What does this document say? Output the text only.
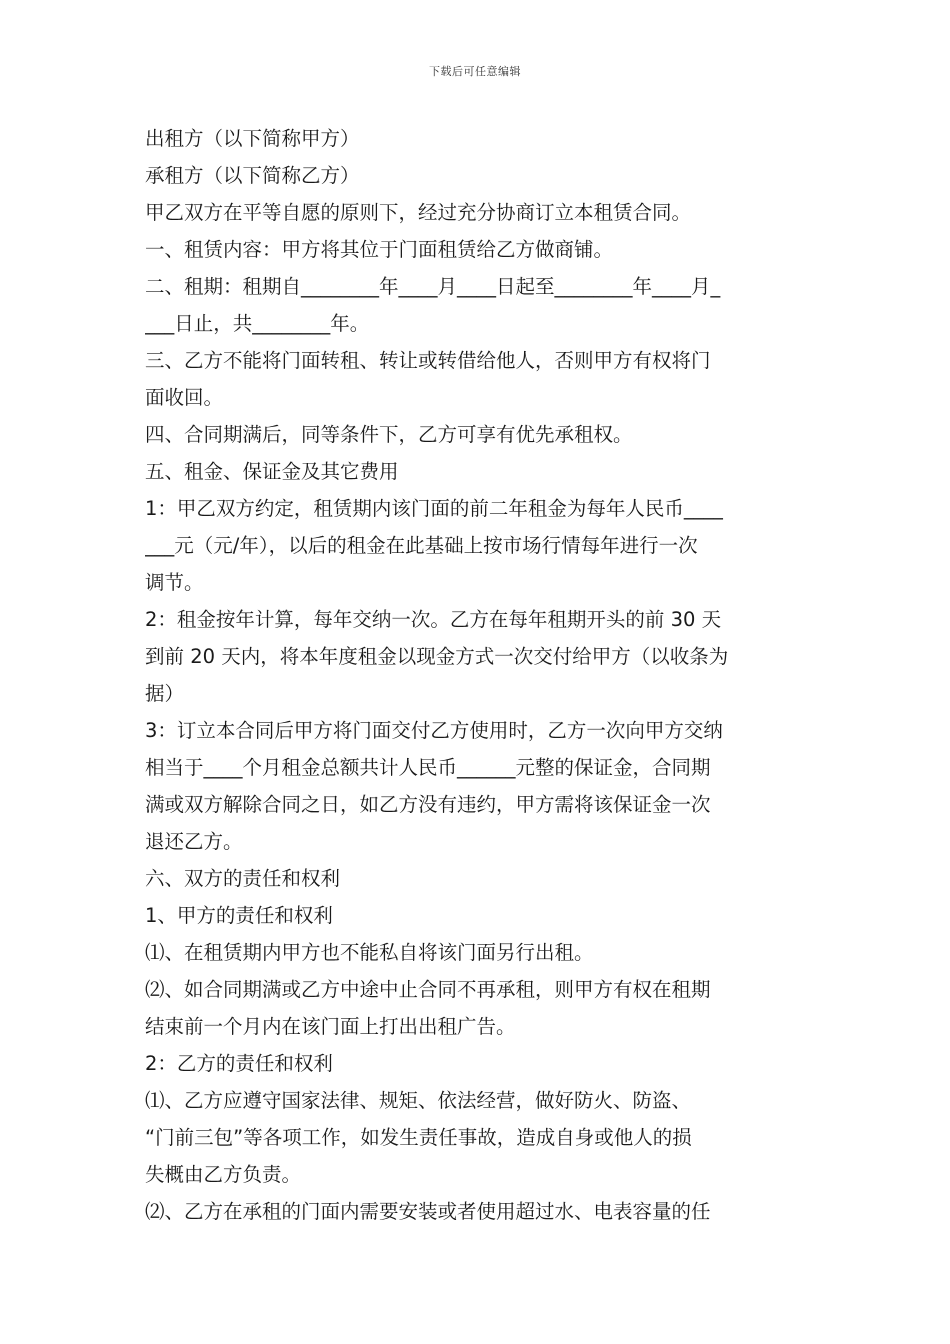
下载后可任意编辑
出租方（以下简称甲方）
承租方（以下简称乙方）
甲乙双方在平等自愿的原则下，经过充分协商订立本租赁合同。
一、租赁内容：甲方将其位于门面租赁给乙方做商铺。
二、租期：租期自________年____月____日起至________年____月_
___日止，共________年。
三、乙方不能将门面转租、转让或转借给他人，否则甲方有权将门
面收回。
四、合同期满后，同等条件下，乙方可享有优先承租权。
五、租金、保证金及其它费用
1：甲乙双方约定，租赁期内该门面的前二年租金为每年人民币____
___元（元/年），以后的租金在此基础上按市场行情每年进行一次
调节。
2：租金按年计算，每年交纳一次。乙方在每年租期开头的前 30 天
到前 20 天内，将本年度租金以现金方式一次交付给甲方（以收条为
据）
3：订立本合同后甲方将门面交付乙方使用时，乙方一次向甲方交纳
相当于____个月租金总额共计人民币______元整的保证金，合同期
满或双方解除合同之日，如乙方没有违约，甲方需将该保证金一次
退还乙方。
六、双方的责任和权利
1、甲方的责任和权利
⑴、在租赁期内甲方也不能私自将该门面另行出租。
⑵、如合同期满或乙方中途中止合同不再承租，则甲方有权在租期
结束前一个月内在该门面上打出出租广告。
2：乙方的责任和权利
⑴、乙方应遵守国家法律、规矩、依法经营，做好防火、防盗、
“门前三包”等各项工作，如发生责任事故，造成自身或他人的损
失概由乙方负责。
⑵、乙方在承租的门面内需要安装或者使用超过水、电表容量的任
